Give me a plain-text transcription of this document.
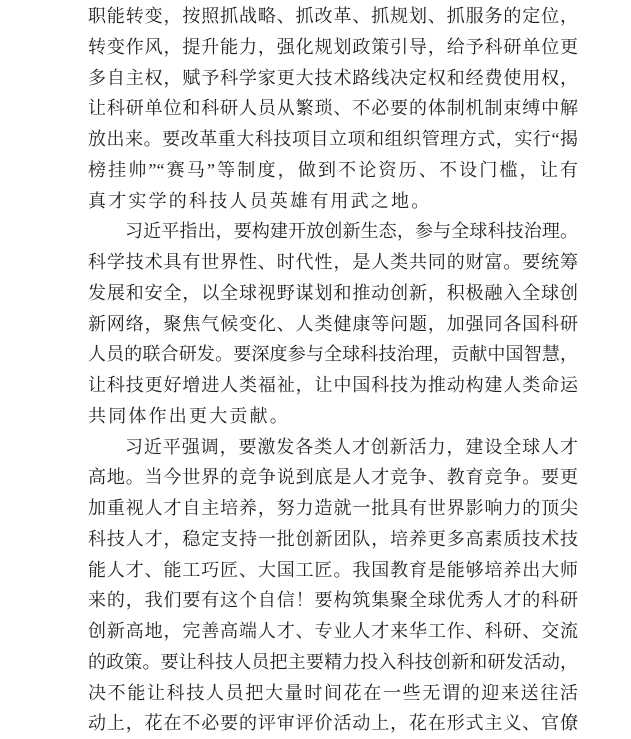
职能转变，按照抓战略、抓改革、抓规划、抓服务的定位，
转变作风，提升能力，强化规划政策引导，给予科研单位更
多自主权，赋予科学家更大技术路线决定权和经费使用权，
让科研单位和科研人员从繁琐、不必要的体制机制束缚中解
放出来。要改革重大科技项目立项和组织管理方式，实行“揭
榜挂帅”“赛马”等制度，做到不论资历、不设门槛，让有
真才实学的科技人员英雄有用武之地。
习近平指出，要构建开放创新生态，参与全球科技治理。
科学技术具有世界性、时代性，是人类共同的财富。要统筹
发展和安全，以全球视野谋划和推动创新，积极融入全球创
新网络，聚焦气候变化、人类健康等问题，加强同各国科研
人员的联合研发。要深度参与全球科技治理，贡献中国智慧，
让科技更好增进人类福祉，让中国科技为推动构建人类命运
共同体作出更大贡献。
习近平强调，要激发各类人才创新活力，建设全球人才
高地。当今世界的竞争说到底是人才竞争、教育竞争。要更
加重视人才自主培养，努力造就一批具有世界影响力的顶尖
科技人才，稳定支持一批创新团队，培养更多高素质技术技
能人才、能工巧匠、大国工匠。我国教育是能够培养出大师
来的，我们要有这个自信！要构筑集聚全球优秀人才的科研
创新高地，完善高端人才、专业人才来华工作、科研、交流
的政策。要让科技人员把主要精力投入科技创新和研发活动，
决不能让科技人员把大量时间花在一些无谓的迎来送往活
动上，花在不必要的评审评价活动上，花在形式主义、官僚
